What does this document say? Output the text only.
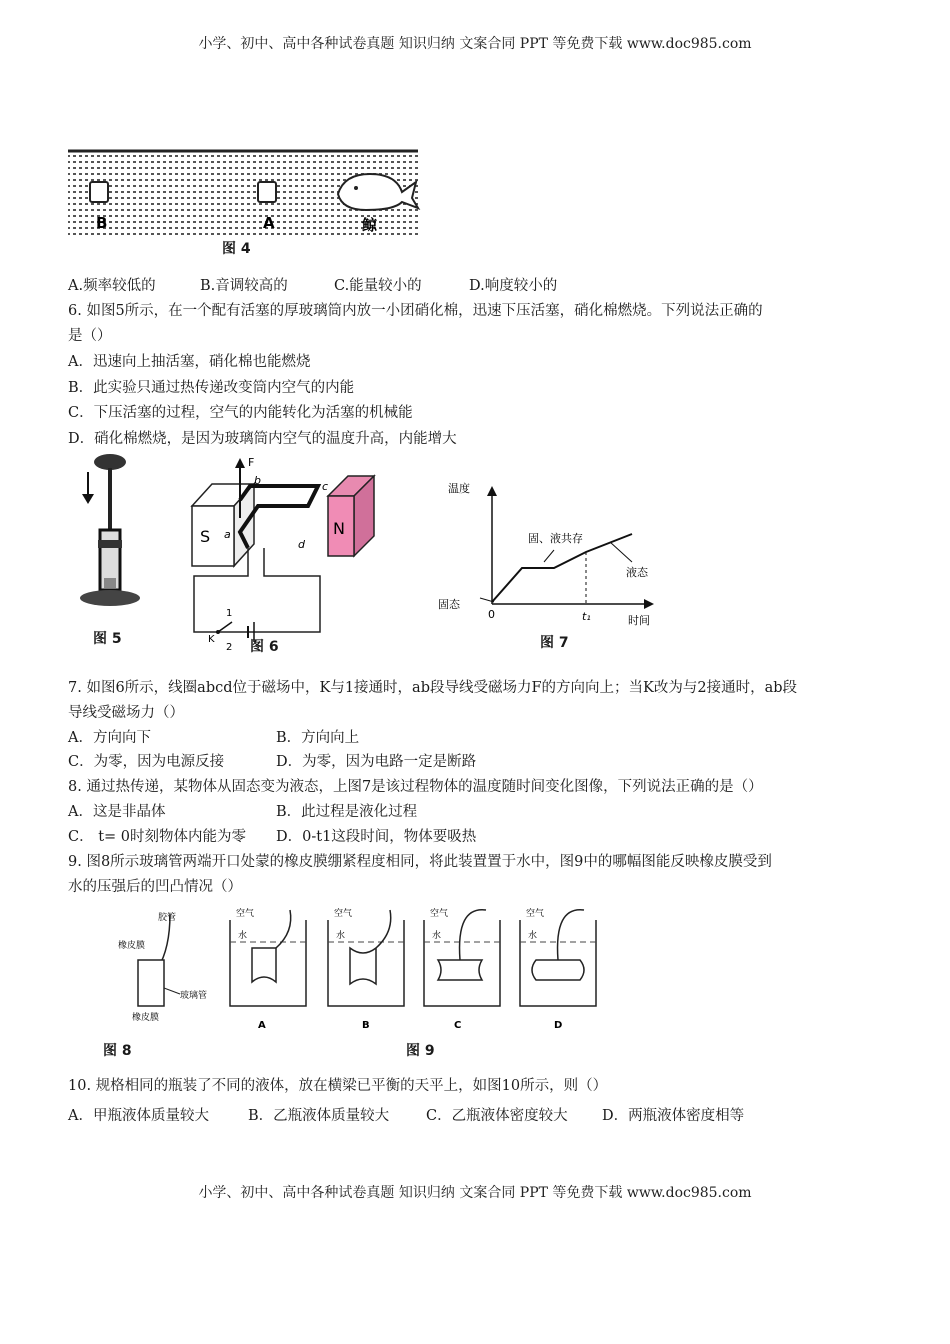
小学、初中、高中各种试卷真题 知识归纳 文案合同 PPT 等免费下载 www.doc985.com
B	A	鲸
图 4
A.频率较低的	B.音调较高的	C.能量较小的	D.响度较小的
6. 如图5所示，在一个配有活塞的厚玻璃筒内放一小团硝化棉，迅速下压活塞，硝化棉燃烧。下列说法正确的
是（）
A．迅速向上抽活塞，硝化棉也能燃烧
B．此实验只通过热传递改变筒内空气的内能
C．下压活塞的过程，空气的内能转化为活塞的机械能
D．硝化棉燃烧，是因为玻璃筒内空气的温度升高，内能增大
图 5
S	N
F
b	c
a
d
1
K
2 图 6
温度
时间
0	t₁
固态
固、液共存
液态
图 7
7. 如图6所示，线圈abcd位于磁场中，K与1接通时，ab段导线受磁场力F的方向向上；当K改为与2接通时，ab段
导线受磁场力（）
A．方向向下	B．方向向上
C．为零，因为电源反接	D．为零，因为电路一定是断路
8. 通过热传递，某物体从固态变为液态，上图7是该过程物体的温度随时间变化图像，下列说法正确的是（）
A．这是非晶体	B．此过程是液化过程
C． t= 0时刻物体内能为零 D．0-t1这段时间，物体要吸热
9. 图8所示玻璃管两端开口处蒙的橡皮膜绷紧程度相同，将此装置置于水中，图9中的哪幅图能反映橡皮膜受到
水的压强后的凹凸情况（）
胶管
橡皮膜
玻璃管
橡皮膜
图 8
空气	空气	空气	空气
水	水	水	水
A	B	C	D
图 9
10. 规格相同的瓶装了不同的液体，放在横梁已平衡的天平上，如图10所示，则（）
A．甲瓶液体质量较大	B．乙瓶液体质量较大	C．乙瓶液体密度较大 D．两瓶液体密度相等
小学、初中、高中各种试卷真题 知识归纳 文案合同 PPT 等免费下载 www.doc985.com
